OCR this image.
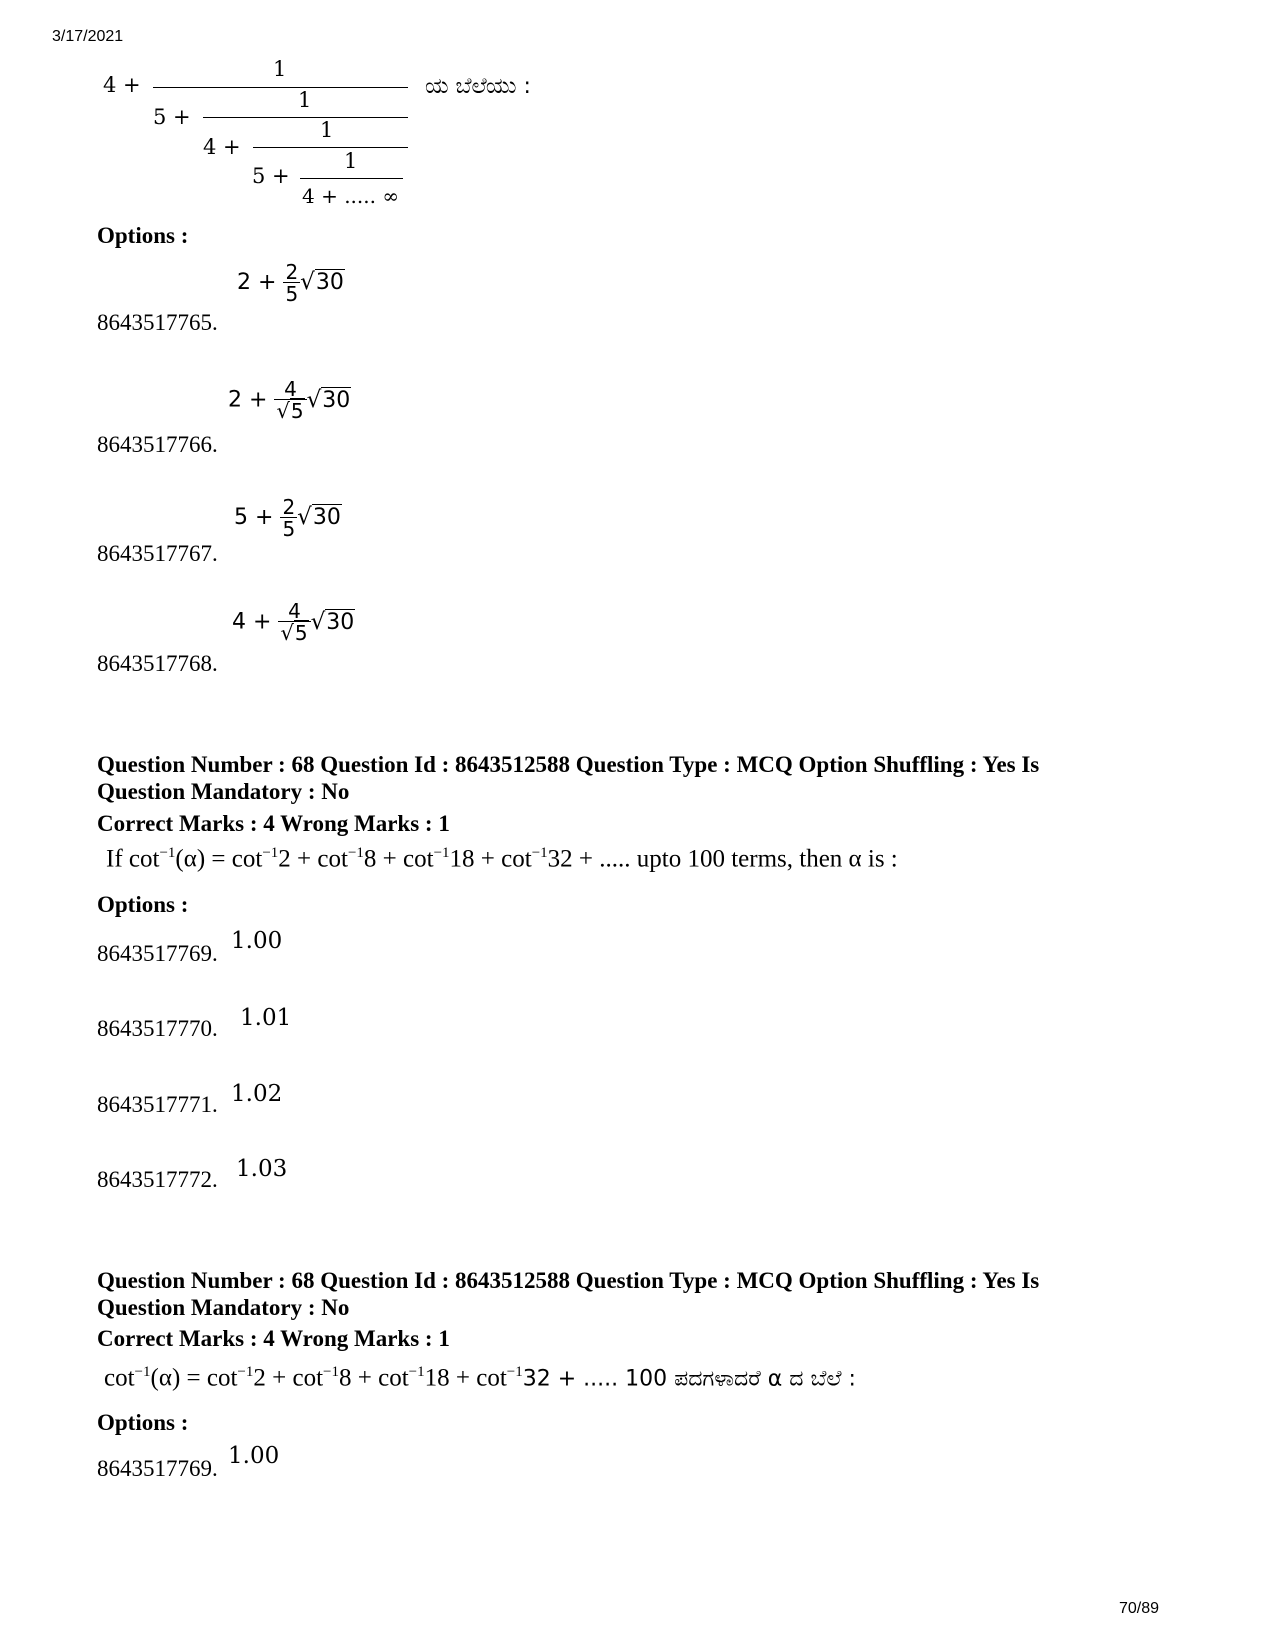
3/17/2021
4 +
1
5 +
1
4 +
1
5 +
1
4 + ..... ∞
ಯ ಬೆಲೆಯು :
Options :
8643517765.
$2 + \frac{2}{5} √30$
8643517766.
$2 + \frac{4}{√5} √30$
8643517767.
$5 + \frac{2}{5} √30$
8643517768.
$4 + \frac{4}{√5} √30$
Question Number : 68 Question Id : 8643512588 Question Type : MCQ Option Shuffling : Yes Is Question Mandatory : No
Correct Marks : 4 Wrong Marks : 1
If $\cot^{-1}(\alpha) = \cot^{-1}2 + \cot^{-1}8 + \cot^{-1}18 + \cot^{-1}32$ + ..... upto 100 terms, then α is :
Options :
8643517769. 1.00
8643517770. 1.01
8643517771. 1.02
8643517772. 1.03
Question Number : 68 Question Id : 8643512588 Question Type : MCQ Option Shuffling : Yes Is Question Mandatory : No
Correct Marks : 4 Wrong Marks : 1
$\cot^{-1}(\alpha) = \cot^{-1}2 + \cot^{-1}8 + \cot^{-1}18 + \cot^{-1}32$ + ..... 100 ಪದಗಳಾದರೆ α ದ ಬೆಲೆ :
Options :
8643517769. 1.00
70/89
